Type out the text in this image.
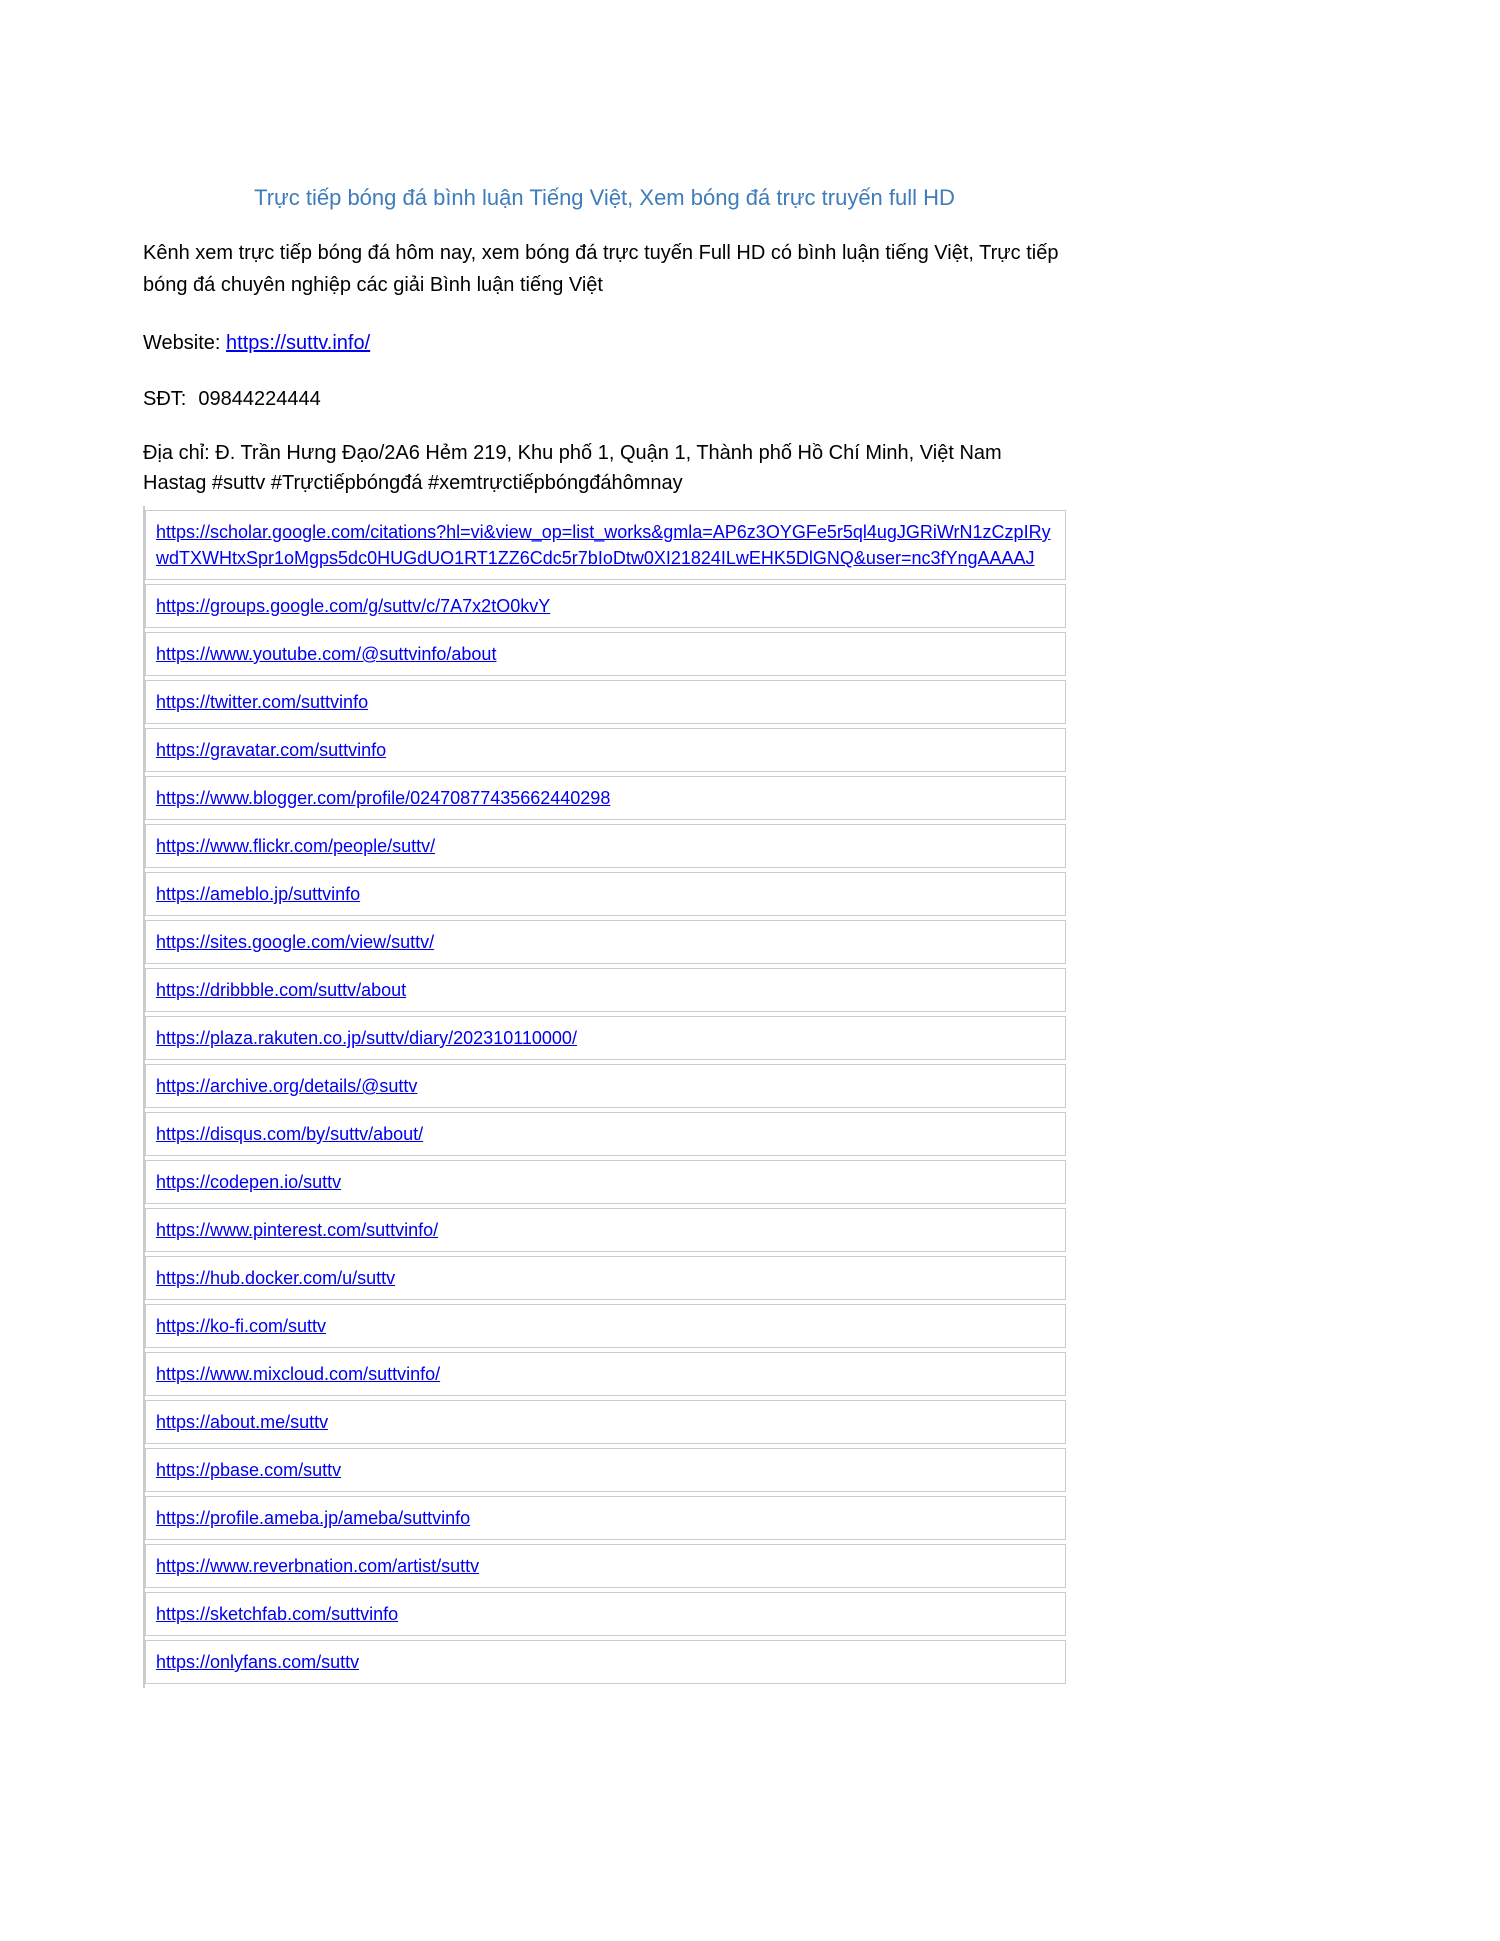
Trực tiếp bóng đá bình luận Tiếng Việt, Xem bóng đá trực truyến full HD

Kênh xem trực tiếp bóng đá hôm nay, xem bóng đá trực tuyến Full HD có bình luận tiếng Việt, Trực tiếp bóng đá chuyên nghiệp các giải Bình luận tiếng Việt

Website: https://suttv.info/

SĐT: 09844224444

Địa chỉ: Đ. Trần Hưng Đạo/2A6 Hẻm 219, Khu phố 1, Quận 1, Thành phố Hồ Chí Minh, Việt Nam
Hastag #suttv #Trựctiếpbóngđá #xemtrựctiếpbóngđáhômnay
https://scholar.google.com/citations?hl=vi&view_op=list_works&gmla=AP6z3OYGFe5r5ql4ugJGRiWrN1zCzpIRywdTXWHtxSpr1oMgps5dc0HUGdUO1RT1ZZ6Cdc5r7bIoDtw0XI21824ILwEHK5DlGNQ&user=nc3fYngAAAAJ
https://groups.google.com/g/suttv/c/7A7x2tO0kvY
https://www.youtube.com/@suttvinfo/about
https://twitter.com/suttvinfo
https://gravatar.com/suttvinfo
https://www.blogger.com/profile/02470877435662440298
https://www.flickr.com/people/suttv/
https://ameblo.jp/suttvinfo
https://sites.google.com/view/suttv/
https://dribbble.com/suttv/about
https://plaza.rakuten.co.jp/suttv/diary/202310110000/
https://archive.org/details/@suttv
https://disqus.com/by/suttv/about/
https://codepen.io/suttv
https://www.pinterest.com/suttvinfo/
https://hub.docker.com/u/suttv
https://ko-fi.com/suttv
https://www.mixcloud.com/suttvinfo/
https://about.me/suttv
https://pbase.com/suttv
https://profile.ameba.jp/ameba/suttvinfo
https://www.reverbnation.com/artist/suttv
https://sketchfab.com/suttvinfo
https://onlyfans.com/suttv
